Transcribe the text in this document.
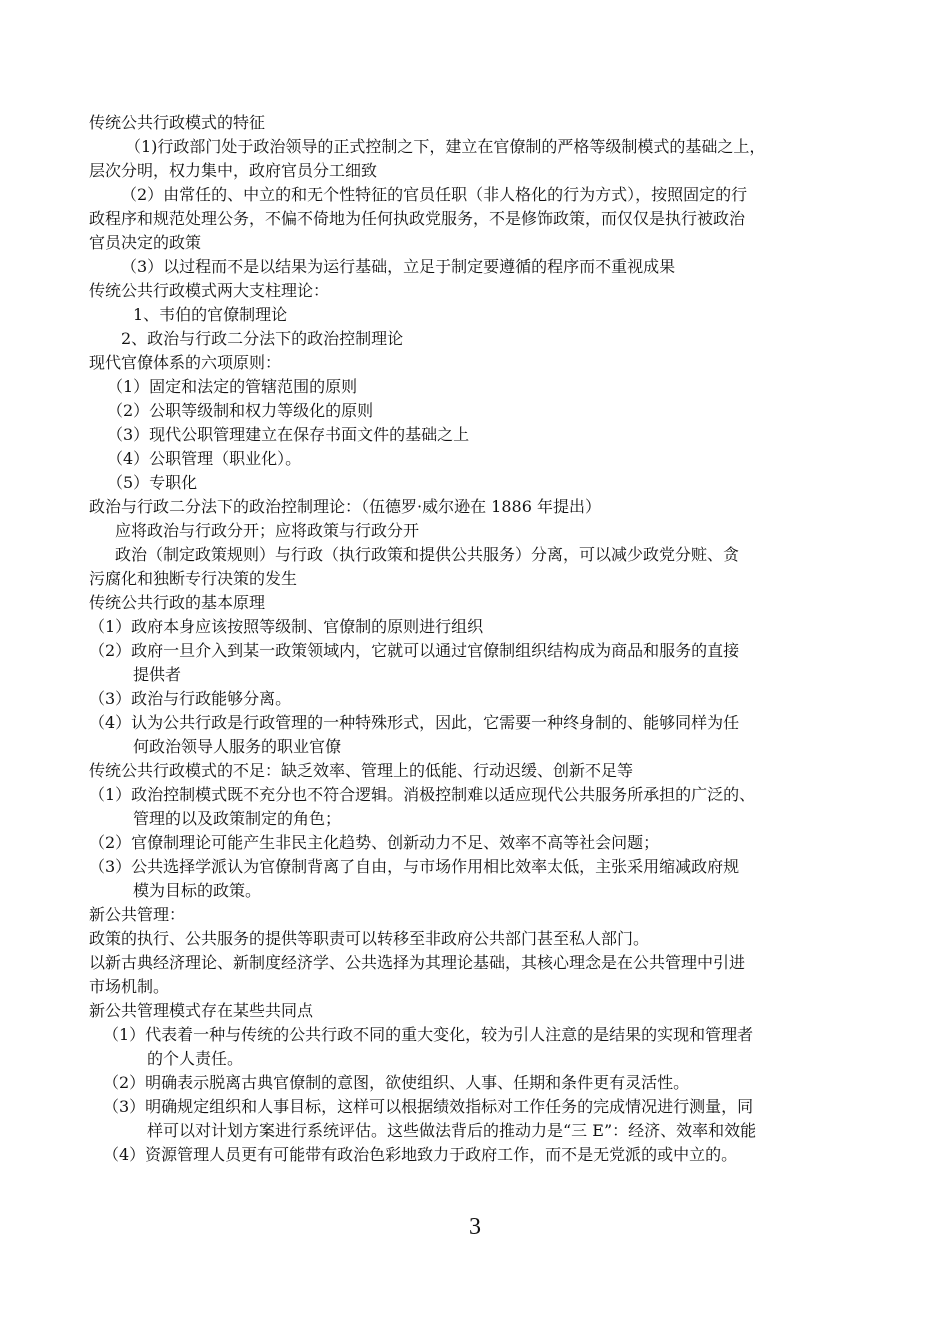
传统公共行政模式的特征
（1)行政部门处于政治领导的正式控制之下，建立在官僚制的严格等级制模式的基础之上，
层次分明，权力集中，政府官员分工细致
（2）由常任的、中立的和无个性特征的官员任职（非人格化的行为方式），按照固定的行
政程序和规范处理公务，不偏不倚地为任何执政党服务，不是修饰政策，而仅仅是执行被政治
官员决定的政策
（3）以过程而不是以结果为运行基础，立足于制定要遵循的程序而不重视成果
传统公共行政模式两大支柱理论：
1、韦伯的官僚制理论
2、政治与行政二分法下的政治控制理论
现代官僚体系的六项原则：
（1）固定和法定的管辖范围的原则
（2）公职等级制和权力等级化的原则
（3）现代公职管理建立在保存书面文件的基础之上
（4）公职管理（职业化）。
（5）专职化
政治与行政二分法下的政治控制理论：（伍德罗·威尔逊在 1886 年提出）
应将政治与行政分开；应将政策与行政分开
政治（制定政策规则）与行政（执行政策和提供公共服务）分离，可以减少政党分赃、贪
污腐化和独断专行决策的发生
传统公共行政的基本原理
（1）政府本身应该按照等级制、官僚制的原则进行组织
（2）政府一旦介入到某一政策领域内，它就可以通过官僚制组织结构成为商品和服务的直接
提供者
（3）政治与行政能够分离。
（4）认为公共行政是行政管理的一种特殊形式，因此，它需要一种终身制的、能够同样为任
何政治领导人服务的职业官僚
传统公共行政模式的不足：缺乏效率、管理上的低能、行动迟缓、创新不足等
（1）政治控制模式既不充分也不符合逻辑。消极控制难以适应现代公共服务所承担的广泛的、
管理的以及政策制定的角色；
（2）官僚制理论可能产生非民主化趋势、创新动力不足、效率不高等社会问题；
（3）公共选择学派认为官僚制背离了自由，与市场作用相比效率太低，主张采用缩减政府规
模为目标的政策。
新公共管理：
政策的执行、公共服务的提供等职责可以转移至非政府公共部门甚至私人部门。
以新古典经济理论、新制度经济学、公共选择为其理论基础，其核心理念是在公共管理中引进
市场机制。
新公共管理模式存在某些共同点
（1）代表着一种与传统的公共行政不同的重大变化，较为引人注意的是结果的实现和管理者
的个人责任。
（2）明确表示脱离古典官僚制的意图，欲使组织、人事、任期和条件更有灵活性。
（3）明确规定组织和人事目标，这样可以根据绩效指标对工作任务的完成情况进行测量，同
样可以对计划方案进行系统评估。这些做法背后的推动力是“三 E”：经济、效率和效能
（4）资源管理人员更有可能带有政治色彩地致力于政府工作，而不是无党派的或中立的。
3
